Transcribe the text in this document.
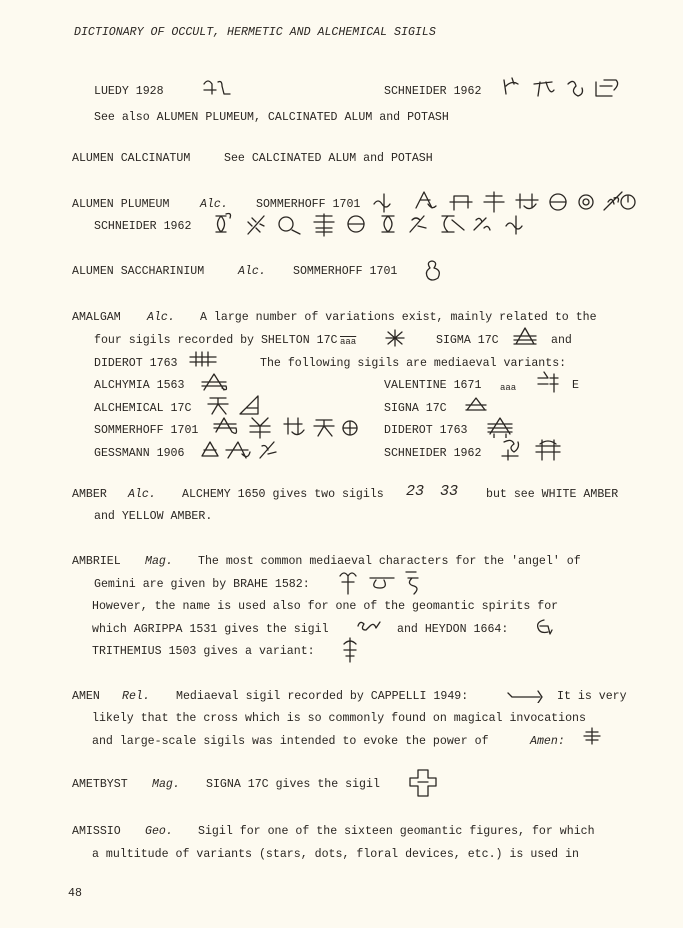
DICTIONARY OF OCCULT, HERMETIC AND ALCHEMICAL SIGILS
LUEDY 1928	SCHNEIDER 1962
See also ALUMEN PLUMEUM, CALCINATED ALUM and POTASH
ALUMEN CALCINATUM	See CALCINATED ALUM and POTASH
ALUMEN PLUMEUM	Alc. SOMMERHOFF 1701
SCHNEIDER 1962
ALUMEN SACCHARINIUM	Alc. SOMMERHOFF 1701
AMALGAM Alc. A large number of variations exist, mainly related to the
four sigils recorded by SHELTON 17C $\overline{aaa}$	SIGMA 17C	and
DIDEROT 1763	The following sigils are mediaeval variants:
ALCHYMIA 1563	VALENTINE 1671 aaa	E
ALCHEMICAL 17C	SIGNA 17C
SOMMERHOFF 1701	DIDEROT 1763
GESSMANN 1906	SCHNEIDER 1962
AMBER Alc. ALCHEMY 1650 gives two sigils 23 33 but see WHITE AMBER
and YELLOW AMBER.
AMBRIEL Mag. The most common mediaeval characters for the 'angel' of
Gemini are given by BRAHE 1582:
However, the name is used also for one of the geomantic spirits for
which AGRIPPA 1531 gives the sigil	and HEYDON 1664:
TRITHEMIUS 1503 gives a variant:
AMEN Rel. Mediaeval sigil recorded by CAPPELLI 1949:	It is very
likely that the cross which is so commonly found on magical invocations
and large-scale sigils was intended to evoke the power of	Amen:
AMETBYST Mag. SIGNA 17C gives the sigil
AMISSIO Geo. Sigil for one of the sixteen geomantic figures, for which
a multitude of variants (stars, dots, floral devices, etc.) is used in
48
